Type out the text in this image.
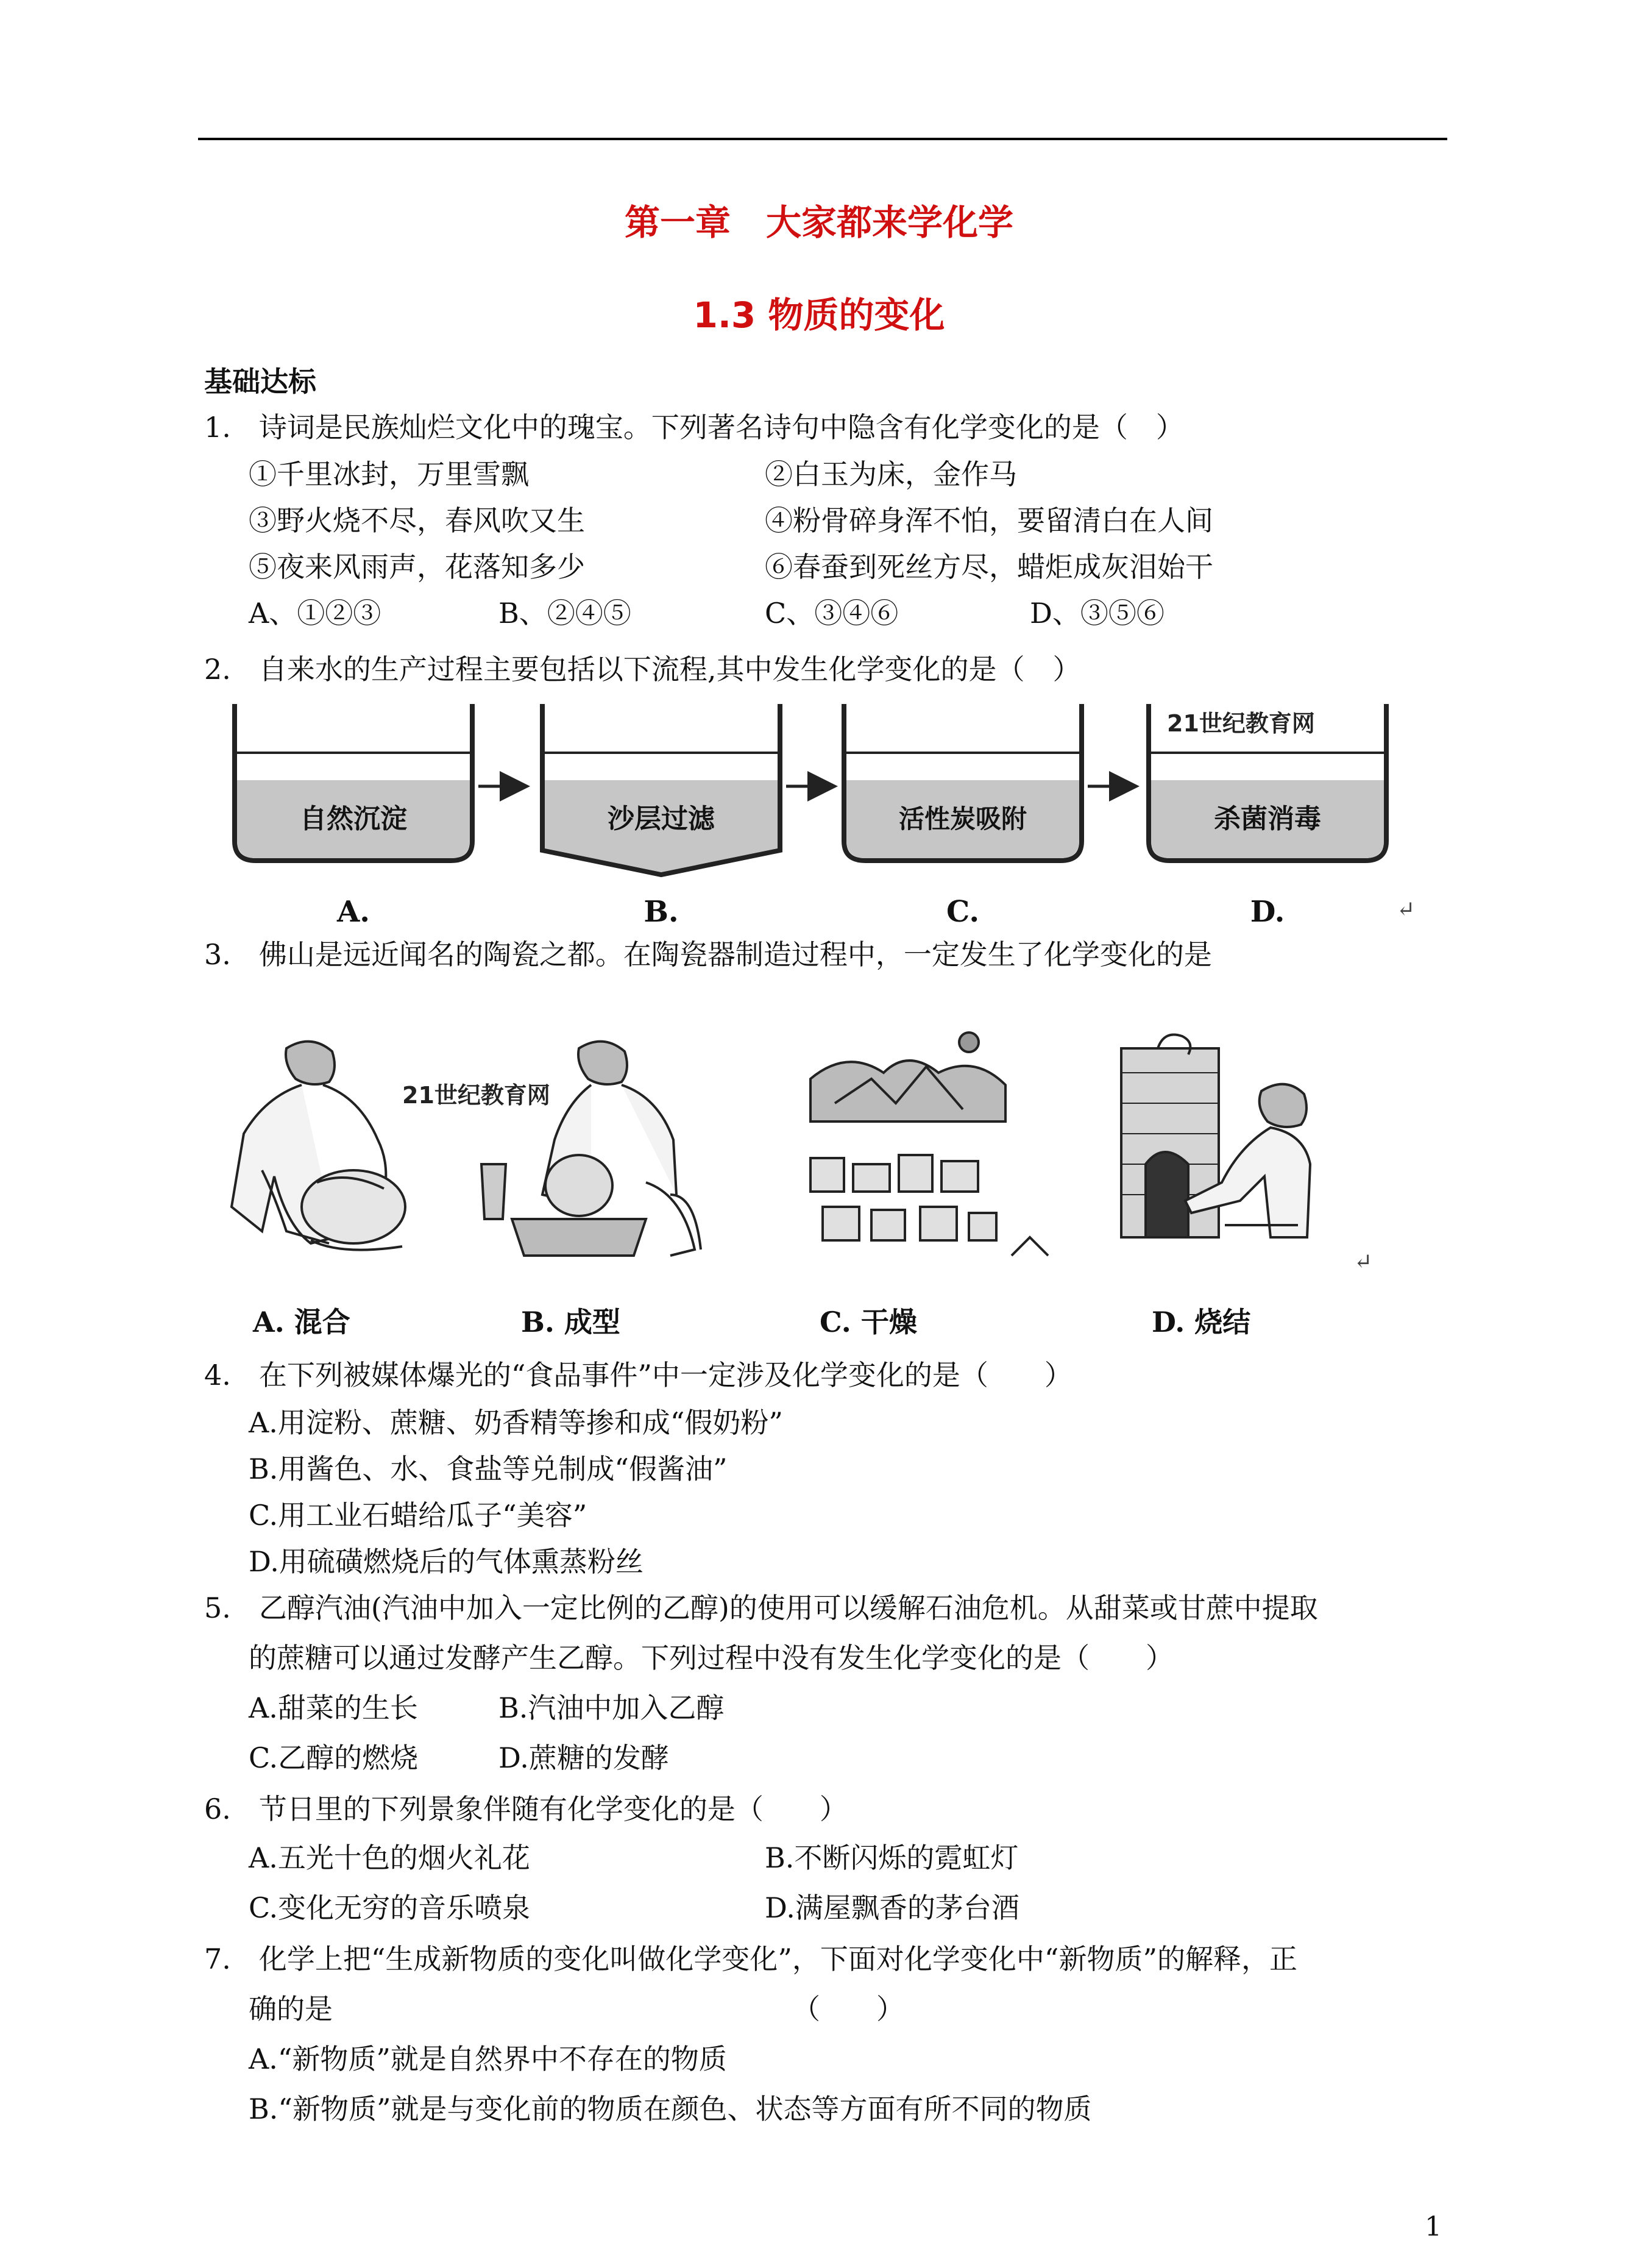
第一章　大家都来学化学
1.3 物质的变化
基础达标
1.　诗词是民族灿烂文化中的瑰宝。下列著名诗句中隐含有化学变化的是（　）
①千里冰封，万里雪飘	②白玉为床，金作马
③野火烧不尽，春风吹又生	④粉骨碎身浑不怕，要留清白在人间
⑤夜来风雨声，花落知多少	⑥春蚕到死丝方尽，蜡炬成灰泪始干
A、①②③	B、②④⑤	C、③④⑥	D、③⑤⑥
2.　自来水的生产过程主要包括以下流程,其中发生化学变化的是（　）
自然沉淀	沙层过滤	活性炭吸附	杀菌消毒
21世纪教育网
A.	B.	C.	D.	↵
3.　佛山是远近闻名的陶瓷之都。在陶瓷器制造过程中，一定发生了化学变化的是
21世纪教育网
A. 混合	B. 成型	C. 干燥	D. 烧结
↵
4.　在下列被媒体爆光的“食品事件”中一定涉及化学变化的是（　　）
A.用淀粉、蔗糖、奶香精等掺和成“假奶粉”
B.用酱色、水、食盐等兑制成“假酱油”
C.用工业石蜡给瓜子“美容”
D.用硫磺燃烧后的气体熏蒸粉丝
5.　乙醇汽油(汽油中加入一定比例的乙醇)的使用可以缓解石油危机。从甜菜或甘蔗中提取
的蔗糖可以通过发酵产生乙醇。下列过程中没有发生化学变化的是（　　）
A.甜菜的生长	B.汽油中加入乙醇
C.乙醇的燃烧	D.蔗糖的发酵
6.　节日里的下列景象伴随有化学变化的是（　　）
A.五光十色的烟火礼花	B.不断闪烁的霓虹灯
C.变化无穷的音乐喷泉	D.满屋飘香的茅台酒
7.　化学上把“生成新物质的变化叫做化学变化”，下面对化学变化中“新物质”的解释，正
确的是	（　　）
A.“新物质”就是自然界中不存在的物质
B.“新物质”就是与变化前的物质在颜色、状态等方面有所不同的物质
1
